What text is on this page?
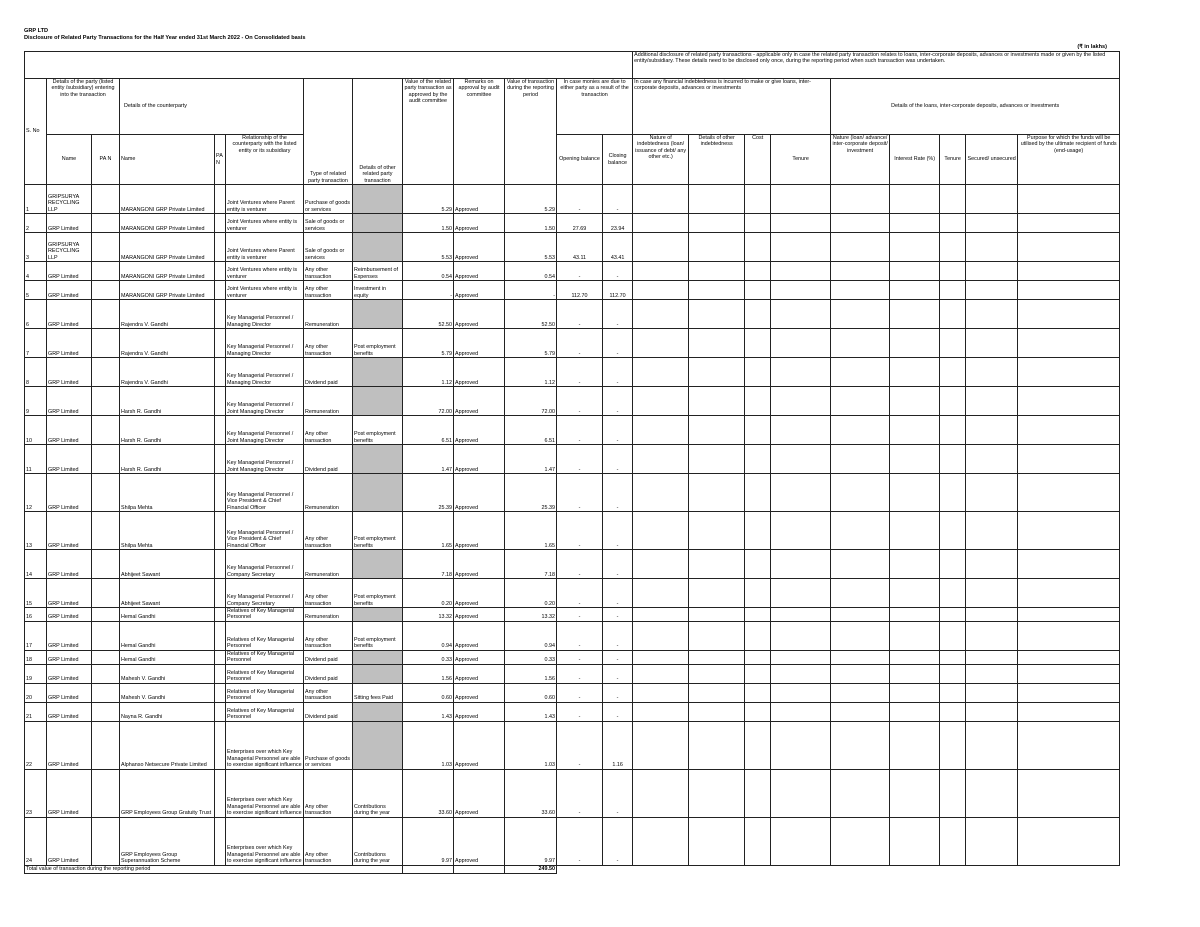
GRP LTD
Disclosure of Related Party Transactions for the Half Year ended 31st March 2022 - On Consolidated basis
(₹ in lakhs)
													Additional disclosure of related party transactions - applicable only in case the related party transaction relates to loans, inter-corporate deposits, advances or investments made or given by the listed entity/subsidiary. These details need to be disclosed only once, during the reporting period when such transaction was undertaken.								
S. No	Details of the party (listed entity /subsidiary) entering into the transaction		Details of the counterparty			Type of related party transaction	Details of other related party transaction	Value of the related party transaction as approved by the audit committee	Remarks on approval by audit committee	Value of transaction during the reporting period	In case monies are due to either party as a result of the transaction		In case any financial indebtedness is incurred to make or give loans, inter-corporate deposits, advances or investments				Details of the loans, inter-corporate deposits, advances or investments				
	Name	PA N	Name	PA N	Relationship of the counterparty with the listed entity or its subsidiary						Opening balance	Closing balance	Nature of indebtedness (loan/ issuance of debt/ any other etc.)	Details of other indebtedness	Cost	Tenure	Nature (loan/ advance/ inter-corporate deposit/ investment	Interest Rate (%)	Tenure	Secured/ unsecured	Purpose for which the funds will be utilised by the ultimate recipient of funds (end-usage)
1	GRIPSURYA RECYCLING LLP		MARANGONI GRP Private Limited		Joint Ventures where Parent entity is venturer	Purchase of goods or services		5.29	Approved	5.29	-	-									
2	GRP Limited		MARANGONI GRP Private Limited		Joint Ventures where entity is venturer	Sale of goods or services		1.50	Approved	1.50	27.69	23.94									
3	GRIPSURYA RECYCLING LLP		MARANGONI GRP Private Limited		Joint Ventures where Parent entity is venturer	Sale of goods or services		5.53	Approved	5.53	43.11	43.41									
4	GRP Limited		MARANGONI GRP Private Limited		Joint Ventures where entity is venturer	Any other transaction	Reimbursement of Expenses	0.54	Approved	0.54	-	-									
5	GRP Limited		MARANGONI GRP Private Limited		Joint Ventures where entity is venturer	Any other transaction	Investment in equity	-	Approved	-	112.70	112.70									
6	GRP Limited		Rajendra V. Gandhi		Key Managerial Personnel / Managing Director	Remuneration		52.50	Approved	52.50	-	-									
7	GRP Limited		Rajendra V. Gandhi		Key Managerial Personnel / Managing Director	Any other transaction	Post employment benefits	5.79	Approved	5.79	-	-									
8	GRP Limited		Rajendra V. Gandhi		Key Managerial Personnel / Managing Director	Dividend paid		1.12	Approved	1.12	-	-									
9	GRP Limited		Harsh R. Gandhi		Key Managerial Personnel / Joint Managing Director	Remuneration		72.00	Approved	72.00	-	-									
10	GRP Limited		Harsh R. Gandhi		Key Managerial Personnel / Joint Managing Director	Any other transaction	Post employment benefits	6.51	Approved	6.51	-	-									
11	GRP Limited		Harsh R. Gandhi		Key Managerial Personnel / Joint Managing Director	Dividend paid		1.47	Approved	1.47	-	-									
12	GRP Limited		Shilpa Mehta		Key Managerial Personnel / Vice President & Chief Financial Officer	Remuneration		25.39	Approved	25.39	-	-									
13	GRP Limited		Shilpa Mehta		Key Managerial Personnel / Vice President & Chief Financial Officer	Any other transaction	Post employment benefits	1.65	Approved	1.65	-	-									
14	GRP Limited		Abhijeet Sawant		Key Managerial Personnel / Company Secretary	Remuneration		7.18	Approved	7.18	-	-									
15	GRP Limited		Abhijeet Sawant		Key Managerial Personnel / Company Secretary	Any other transaction	Post employment benefits	0.20	Approved	0.20	-	-									
16	GRP Limited		Hemal Gandhi		Relatives of Key Managerial Personnel	Remuneration		13.32	Approved	13.32	-	-									
17	GRP Limited		Hemal Gandhi		Relatives of Key Managerial Personnel	Any other transaction	Post employment benefits	0.94	Approved	0.94	-	-									
18	GRP Limited		Hemal Gandhi		Relatives of Key Managerial Personnel	Dividend paid		0.33	Approved	0.33	-	-									
19	GRP Limited		Mahesh V. Gandhi		Relatives of Key Managerial Personnel	Dividend paid		1.56	Approved	1.56	-	-									
20	GRP Limited		Mahesh V. Gandhi		Relatives of Key Managerial Personnel	Any other transaction	Sitting fees Paid	0.60	Approved	0.60	-	-									
21	GRP Limited		Nayna R. Gandhi		Relatives of Key Managerial Personnel	Dividend paid		1.43	Approved	1.43	-	-									
22	GRP Limited		Alphanso Netsecure Private Limited		Enterprises over which Key Managerial Personnel are able to exercise significant influence	Purchase of goods or services		1.03	Approved	1.03	-	1.16									
23	GRP Limited		GRP Employees Group Gratuity Trust		Enterprises over which Key Managerial Personnel are able to exercise significant influence	Any other transaction	Contributions during the year	33.60	Approved	33.60	-	-									
24	GRP Limited		GRP Employees Group Superannuation Scheme		Enterprises over which Key Managerial Personnel are able to exercise significant influence	Any other transaction	Contributions during the year	9.97	Approved	9.97	-	-									
Total value of transaction during the reporting period										249.50											
